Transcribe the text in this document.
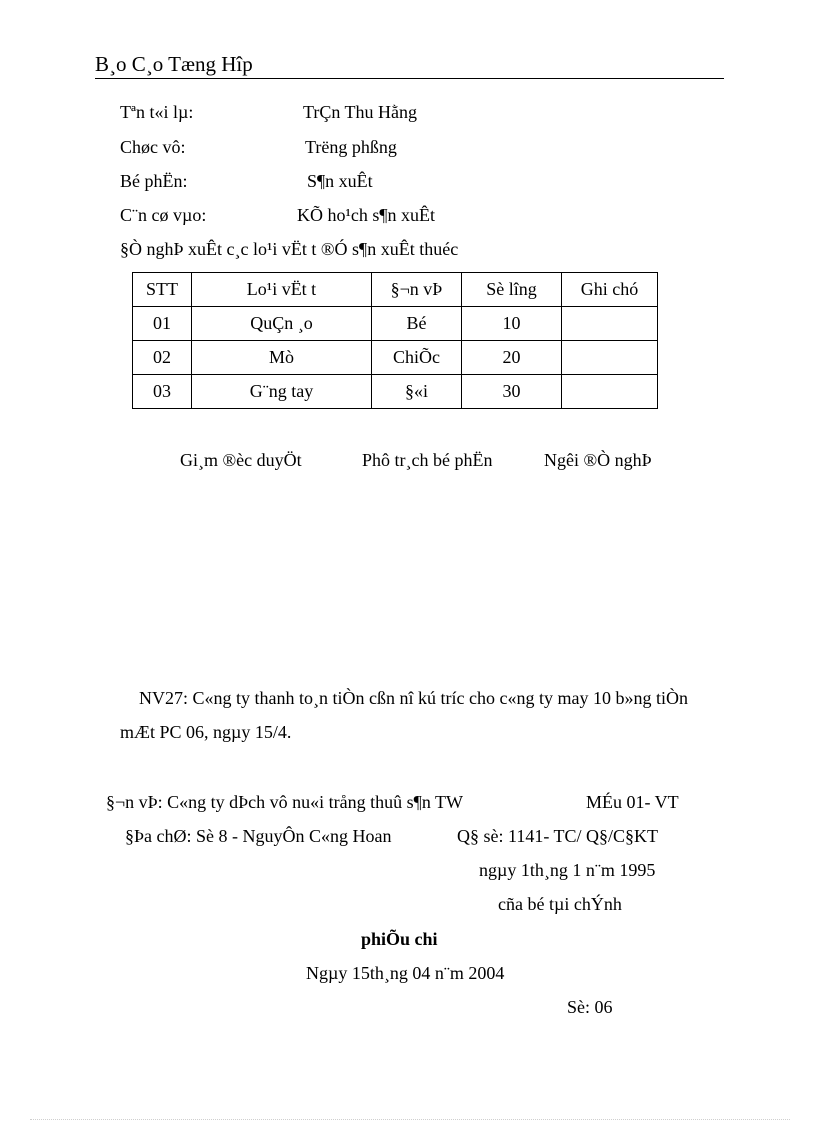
B¸o C¸o Tæng Hîp
Tªn t«i lµ:	TrÇn Thu Hằng
Chøc vô:	Trëng phßng
Bé phËn:	S¶n xuÊt
C¨n cø vµo:	KÕ ho¹ch s¶n xuÊt
§Ò nghÞ xuÊt c¸c lo¹i vËt t ®Ó s¶n xuÊt thuéc
STT	Lo¹i vËt t	§¬n vÞ	Sè lîng	Ghi chó
01	QuÇn ¸o	Bé	10	
02	Mò	ChiÕc	20	
03	G¨ng tay	§«i	30	
Gi¸m ®èc duyÖt	Phô tr¸ch bé phËn	Ngêi ®Ò nghÞ
NV27: C«ng ty thanh to¸n tiÒn cßn nî kú tríc cho c«ng ty may 10 b»ng tiÒn
mÆt PC 06, ngµy 15/4.
§¬n vÞ: C«ng ty dÞch vô nu«i trång thuû s¶n TW	MÉu 01- VT
§Þa chØ: Sè 8 - NguyÔn C«ng Hoan	Q§ sè: 1141- TC/ Q§/C§KT
ngµy 1th¸ng 1 n¨m 1995
cña bé tµi chÝnh
phiÕu chi
Ngµy 15th¸ng 04 n¨m 2004
Sè: 06
